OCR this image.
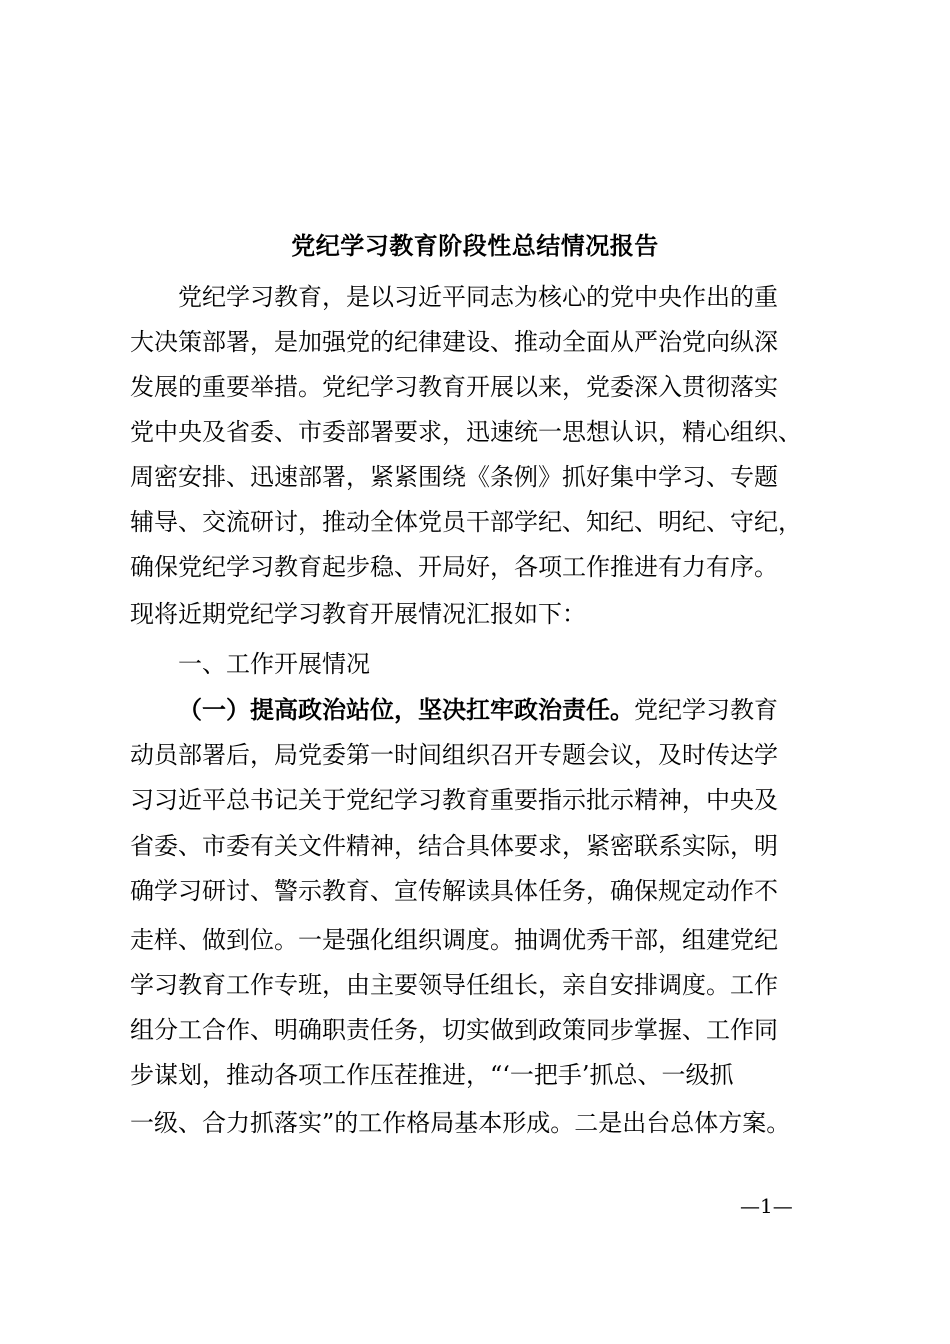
党纪学习教育阶段性总结情况报告
党纪学习教育，是以习近平同志为核心的党中央作出的重
大决策部署，是加强党的纪律建设、推动全面从严治党向纵深
发展的重要举措。党纪学习教育开展以来，党委深入贯彻落实
党中央及省委、市委部署要求，迅速统一思想认识，精心组织、
周密安排、迅速部署，紧紧围绕《条例》抓好集中学习、专题
辅导、交流研讨，推动全体党员干部学纪、知纪、明纪、守纪，
确保党纪学习教育起步稳、开局好，各项工作推进有力有序。
现将近期党纪学习教育开展情况汇报如下：
一、工作开展情况
（一）提高政治站位，坚决扛牢政治责任。党纪学习教育
动员部署后，局党委第一时间组织召开专题会议，及时传达学
习习近平总书记关于党纪学习教育重要指示批示精神，中央及
省委、市委有关文件精神，结合具体要求，紧密联系实际，明
确学习研讨、警示教育、宣传解读具体任务，确保规定动作不
走样、做到位。一是强化组织调度。抽调优秀干部，组建党纪
学习教育工作专班，由主要领导任组长，亲自安排调度。工作
组分工合作、明确职责任务，切实做到政策同步掌握、工作同
步谋划，推动各项工作压茬推进，“‘一把手’抓总、一级抓
一级、合力抓落实”的工作格局基本形成。二是出台总体方案。
—1—
